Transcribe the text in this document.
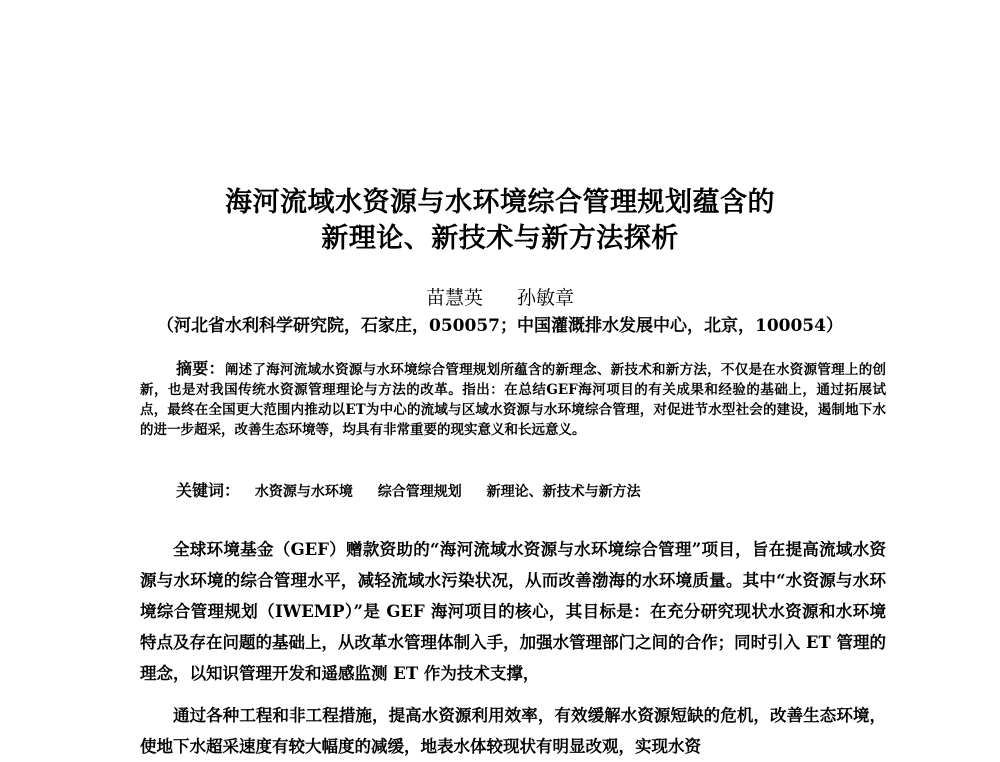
海河流域水资源与水环境综合管理规划蕴含的
新理论、新技术与新方法探析
苗慧英 孙敏章
（河北省水利科学研究院，石家庄，050057；中国灌溉排水发展中心，北京，100054）
摘要：阐述了海河流域水资源与水环境综合管理规划所蕴含的新理念、新技术和新方法，不仅是在水资源管理上的创新，也是对我国传统水资源管理理论与方法的改革。指出：在总结GEF海河项目的有关成果和经验的基础上，通过拓展试点，最终在全国更大范围内推动以ET为中心的流域与区域水资源与水环境综合管理，对促进节水型社会的建设，遏制地下水的进一步超采，改善生态环境等，均具有非常重要的现实意义和长远意义。
关键词： 水资源与水环境 综合管理规划 新理论、新技术与新方法

全球环境基金（GEF）赠款资助的“海河流域水资源与水环境综合管理”项目，旨在提高流域水资源与水环境的综合管理水平，减轻流域水污染状况，从而改善渤海的水环境质量。其中“水资源与水环境综合管理规划（IWEMP）”是 GEF 海河项目的核心，其目标是：在充分研究现状水资源和水环境特点及存在问题的基础上，从改革水管理体制入手，加强水管理部门之间的合作；同时引入 ET 管理的理念，以知识管理开发和遥感监测 ET 作为技术支撑，

通过各种工程和非工程措施，提高水资源利用效率，有效缓解水资源短缺的危机，改善生态环境，使地下水超采速度有较大幅度的减缓，地表水体较现状有明显改观，实现水资
